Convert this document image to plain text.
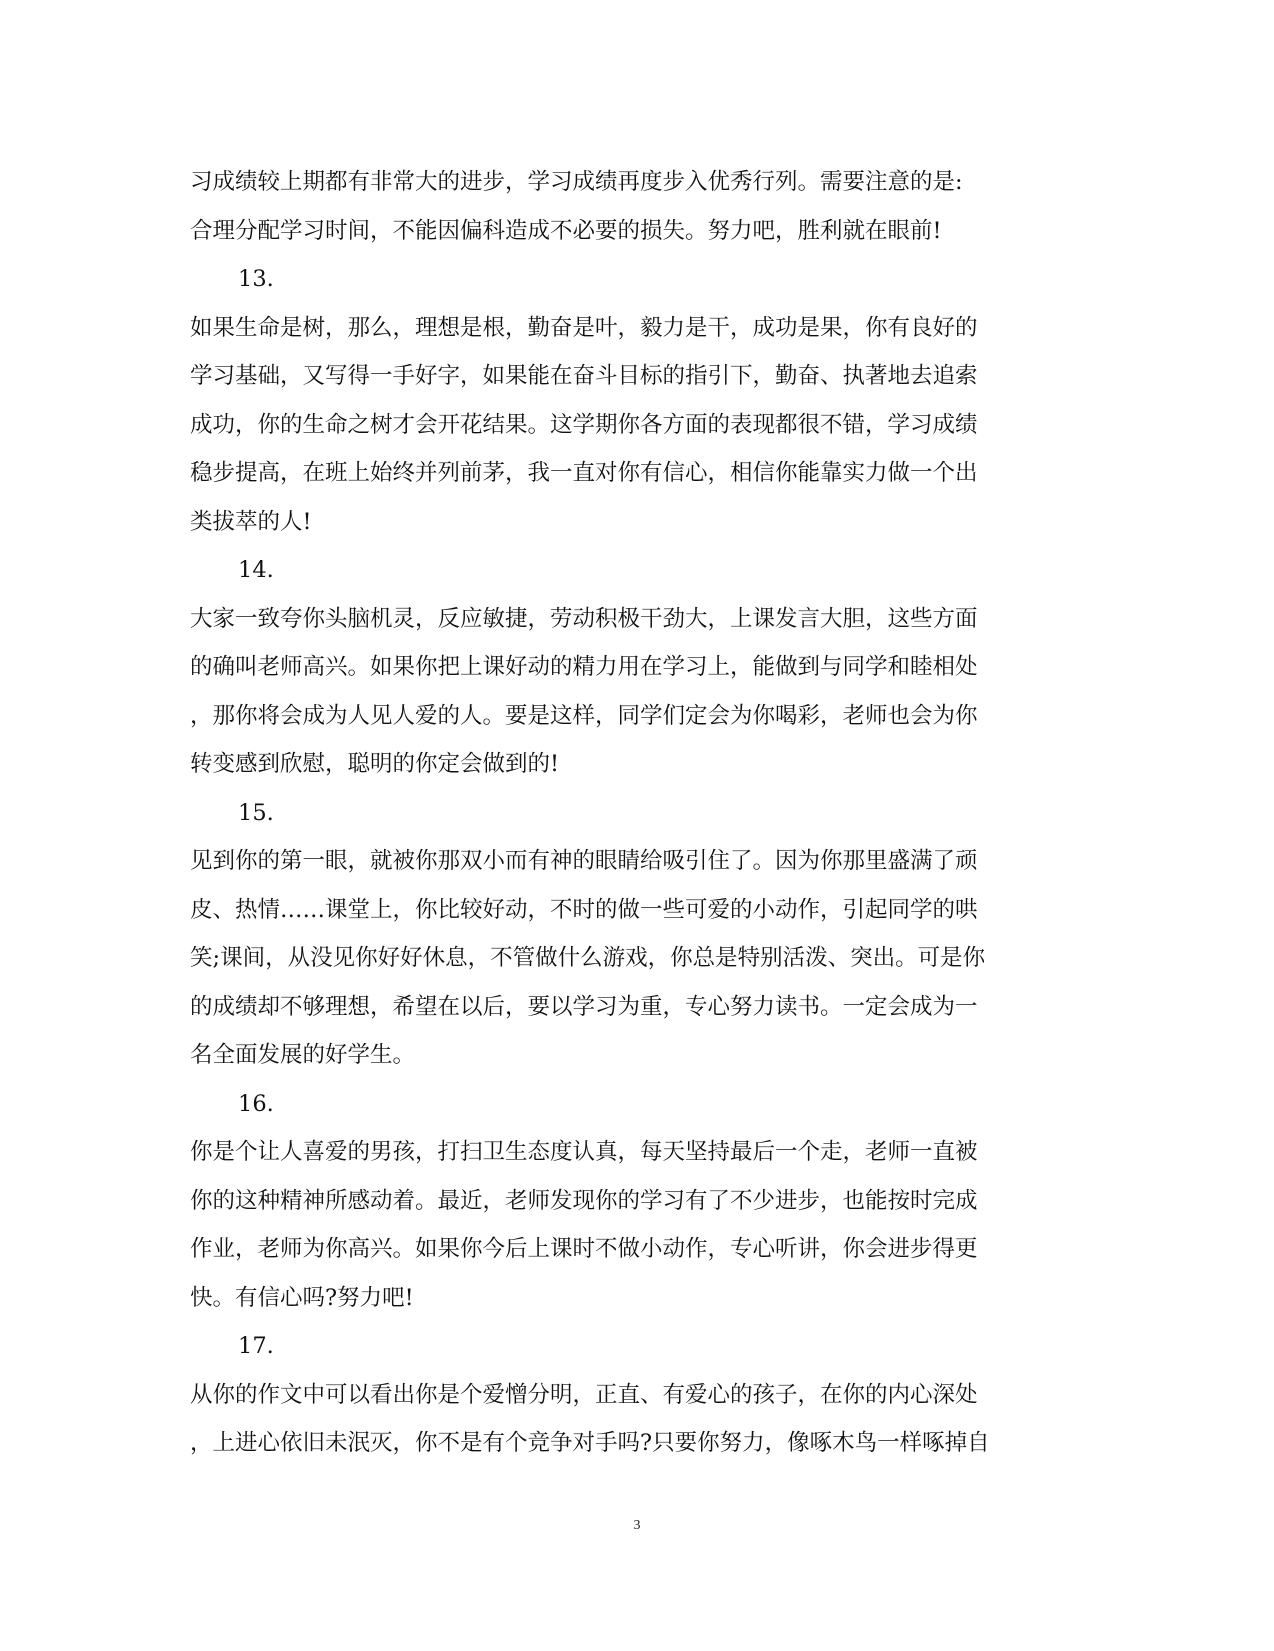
习成绩较上期都有非常大的进步，学习成绩再度步入优秀行列。需要注意的是:
合理分配学习时间，不能因偏科造成不必要的损失。努力吧，胜利就在眼前!
13.
如果生命是树，那么，理想是根，勤奋是叶，毅力是干，成功是果，你有良好的
学习基础，又写得一手好字，如果能在奋斗目标的指引下，勤奋、执著地去追索
成功，你的生命之树才会开花结果。这学期你各方面的表现都很不错，学习成绩
稳步提高，在班上始终并列前茅，我一直对你有信心，相信你能靠实力做一个出
类拔萃的人!
14.
大家一致夸你头脑机灵，反应敏捷，劳动积极干劲大，上课发言大胆，这些方面
的确叫老师高兴。如果你把上课好动的精力用在学习上，能做到与同学和睦相处
，那你将会成为人见人爱的人。要是这样，同学们定会为你喝彩，老师也会为你
转变感到欣慰，聪明的你定会做到的!
15.
见到你的第一眼，就被你那双小而有神的眼睛给吸引住了。因为你那里盛满了顽
皮、热情……课堂上，你比较好动，不时的做一些可爱的小动作，引起同学的哄
笑;课间，从没见你好好休息，不管做什么游戏，你总是特别活泼、突出。可是你
的成绩却不够理想，希望在以后，要以学习为重，专心努力读书。一定会成为一
名全面发展的好学生。
16.
你是个让人喜爱的男孩，打扫卫生态度认真，每天坚持最后一个走，老师一直被
你的这种精神所感动着。最近，老师发现你的学习有了不少进步，也能按时完成
作业，老师为你高兴。如果你今后上课时不做小动作，专心听讲，你会进步得更
快。有信心吗?努力吧!
17.
从你的作文中可以看出你是个爱憎分明，正直、有爱心的孩子，在你的内心深处
，上进心依旧未泯灭，你不是有个竞争对手吗?只要你努力，像啄木鸟一样啄掉自
3
